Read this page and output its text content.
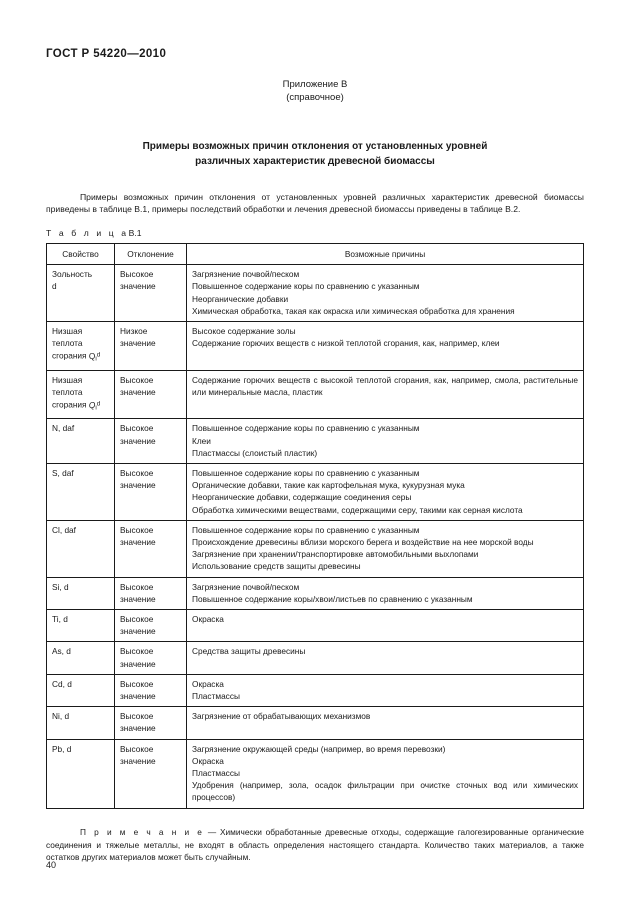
ГОСТ Р 54220—2010
Приложение В
(справочное)
Примеры возможных причин отклонения от установленных уровней
различных характеристик древесной биомассы

Примеры возможных причин отклонения от установленных уровней различных характеристик древесной биомассы приведены в таблице В.1, примеры последствий обработки и лечения древесной биомассы приведены в таблице В.2.

Т а б л и ц аВ.1
Свойство	Отклонение	Возможные причины
Зольность
d	Высокое значение	Загрязнение почвой/песком
Повышенное содержание коры по сравнению с указанным
Неорганические добавки
Химическая обработка, такая как окраска или химическая обработка для хранения

Низшая теплота сгорания $Q_i^d$	Низкое значение	Высокое содержание золы
Содержание горючих веществ с низкой теплотой сгорания, как, например, клеи

Низшая теплота сгорания $Q_i^d$	Высокое значение	Содержание горючих веществ с высокой теплотой сгорания, как, например, смола, растительные или минеральные масла, пластик

N, daf	Высокое значение	Повышенное содержание коры по сравнению с указанным
Клеи
Пластмассы (слоистый пластик)

S, daf	Высокое значение	Повышенное содержание коры по сравнению с указанным
Органические добавки, такие как картофельная мука, кукурузная мука
Неорганические добавки, содержащие соединения серы
Обработка химическими веществами, содержащими серу, такими как серная кислота

Cl, daf	Высокое значение	Повышенное содержание коры по сравнению с указанным
Происхождение древесины вблизи морского берега и воздействие на нее морской воды
Загрязнение при хранении/транспортировке автомобильными выхлопами
Использование средств защиты древесины

Si, d	Высокое значение	Загрязнение почвой/песком
Повышенное содержание коры/хвои/листьев по сравнению с указанным

Ti, d	Высокое значение	Окраска

As, d	Высокое значение	Средства защиты древесины

Cd, d	Высокое значение	Окраска
Пластмассы

Ni, d	Высокое значение	Загрязнение от обрабатывающих механизмов

Pb, d	Высокое значение	Загрязнение окружающей среды (например, во время перевозки)
Окраска
Пластмассы
Удобрения (например, зола, осадок фильтрации при очистке сточных вод или химических процессов)

П р и м е ч а н и е — Химически обработанные древесные отходы, содержащие галогезированные органические соединения и тяжелые металлы, не входят в область определения настоящего стандарта. Количество таких материалов, а также остатков других материалов может быть случайным.

40
